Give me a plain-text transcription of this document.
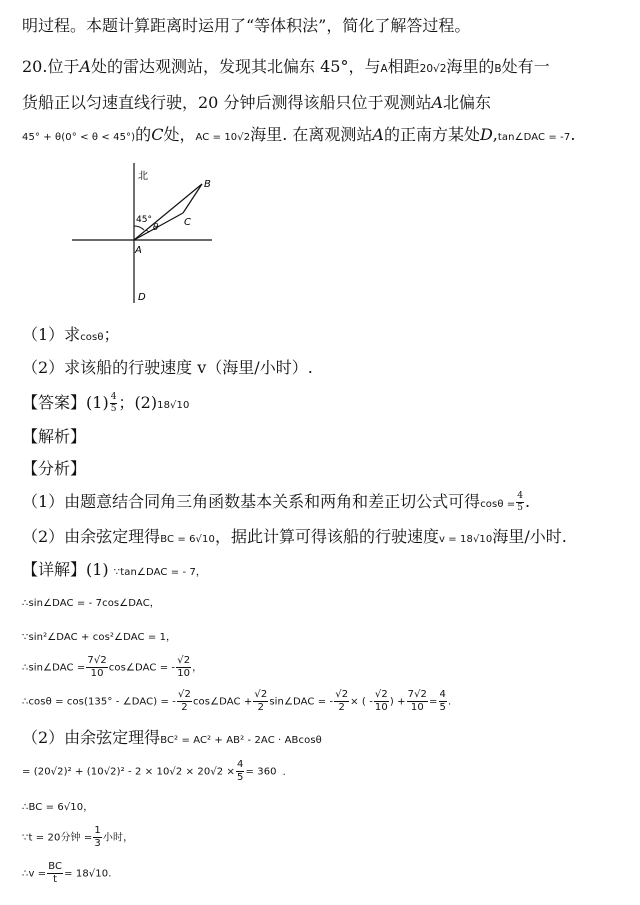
明过程。本题计算距离时运用了“等体积法”，简化了解答过程。
20.位于A处的雷达观测站，发现其北偏东 45°，与A相距20√2海里的B处有一
货船正以匀速直线行驶，20 分钟后测得该船只位于观测站A北偏东
45° + θ(0° < θ < 45°)的C处，AC = 10√2海里. 在离观测站A的正南方某处D,tan∠DAC = -7.
北
45°
θ
A
B
C
D
（1）求cosθ；
（2）求该船的行驶速度 v（海里/小时）.
【答案】$(1) \frac{4}{5}$ ；(2)18√10
【解析】
【分析】
（1）由题意结合同角三角函数基本关系和两角和差正切公式可得$\cos\theta = \frac{4}{5}$ .
（2）由余弦定理得BC = 6√10，据此计算可得该船的行驶速度v = 18√10海里/小时.
【详解】(1) ∵tan∠DAC = - 7，
∴sin∠DAC = - 7cos∠DAC，
∵sin²∠DAC + cos²∠DAC = 1，
∴sin∠DAC = $\frac{7√2}{10}$ cos∠DAC = - $\frac{√2}{10}$ ，
∴cosθ = cos(135° - ∠DAC) = - $\frac{√2}{2}$ cos∠DAC + $\frac{√2}{2}$ sin∠DAC = - $\frac{√2}{2}$ × ( - $\frac{√2}{10}$ ) + $\frac{7√2}{10} = \frac{4}{5}$ .
（2）由余弦定理得BC² = AC² + AB² - 2AC · ABcosθ
= $(20√2)^2 + (10√2)^2 - 2 \times 10√2 \times 20√2 \times \frac{4}{5} = 360$ .
∴BC = 6√10，
∵t = 20分钟 = $\frac{1}{3}$ 小时，
∴v = $\frac{BC}{t} = 18√10$.
